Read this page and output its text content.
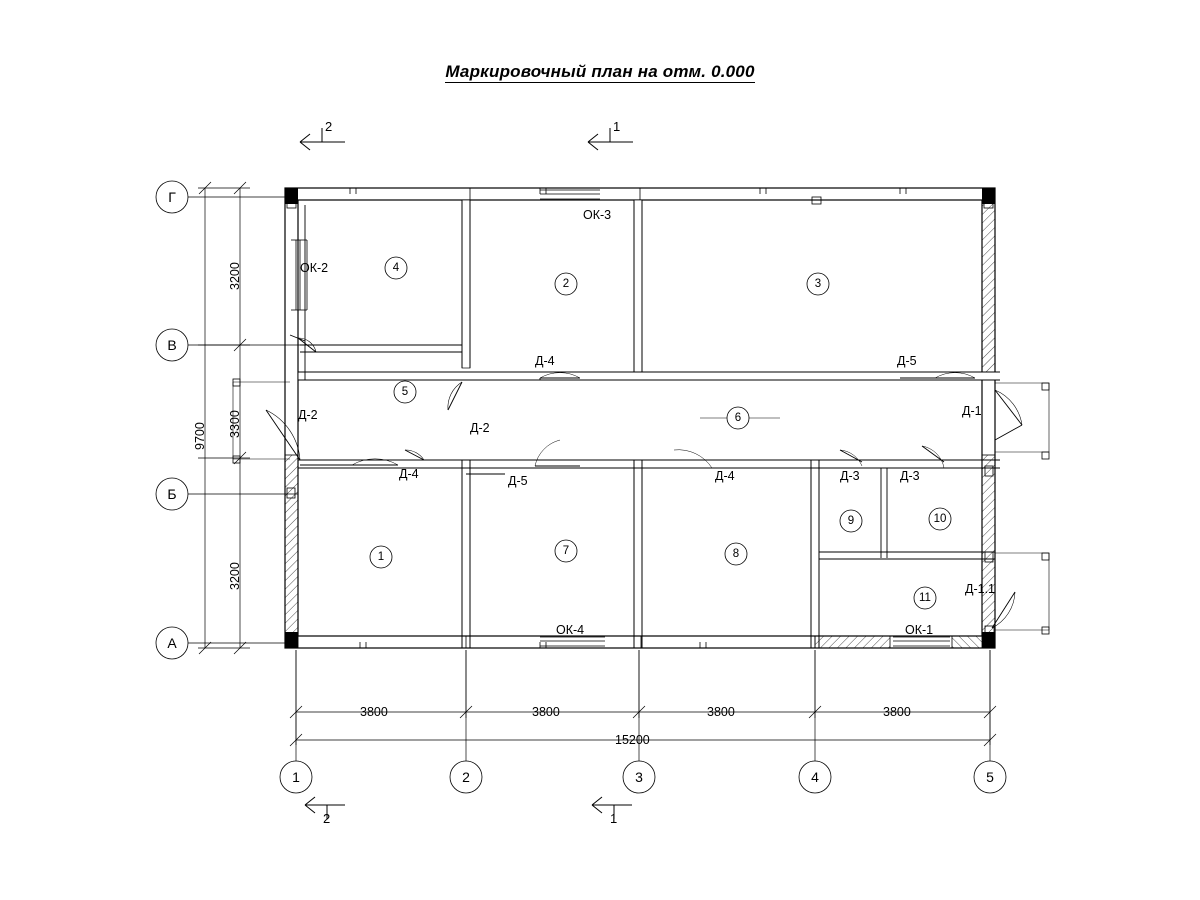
Маркировочный план на отм. 0.000
Г
В
Б
А
1	2	3	4	5
3800	3800	3800	3800
15200
3200
3300
3200
9700
2	1
2	1
1
2	3
4
5
6
7	8
9	10
11
ОК-2
ОК-3
ОК-4	ОК-1
Д-4	Д-5
Д-1
Д-2
Д-2
Д-4	Д-5	Д-4	Д-3	Д-3
Д-1.1
